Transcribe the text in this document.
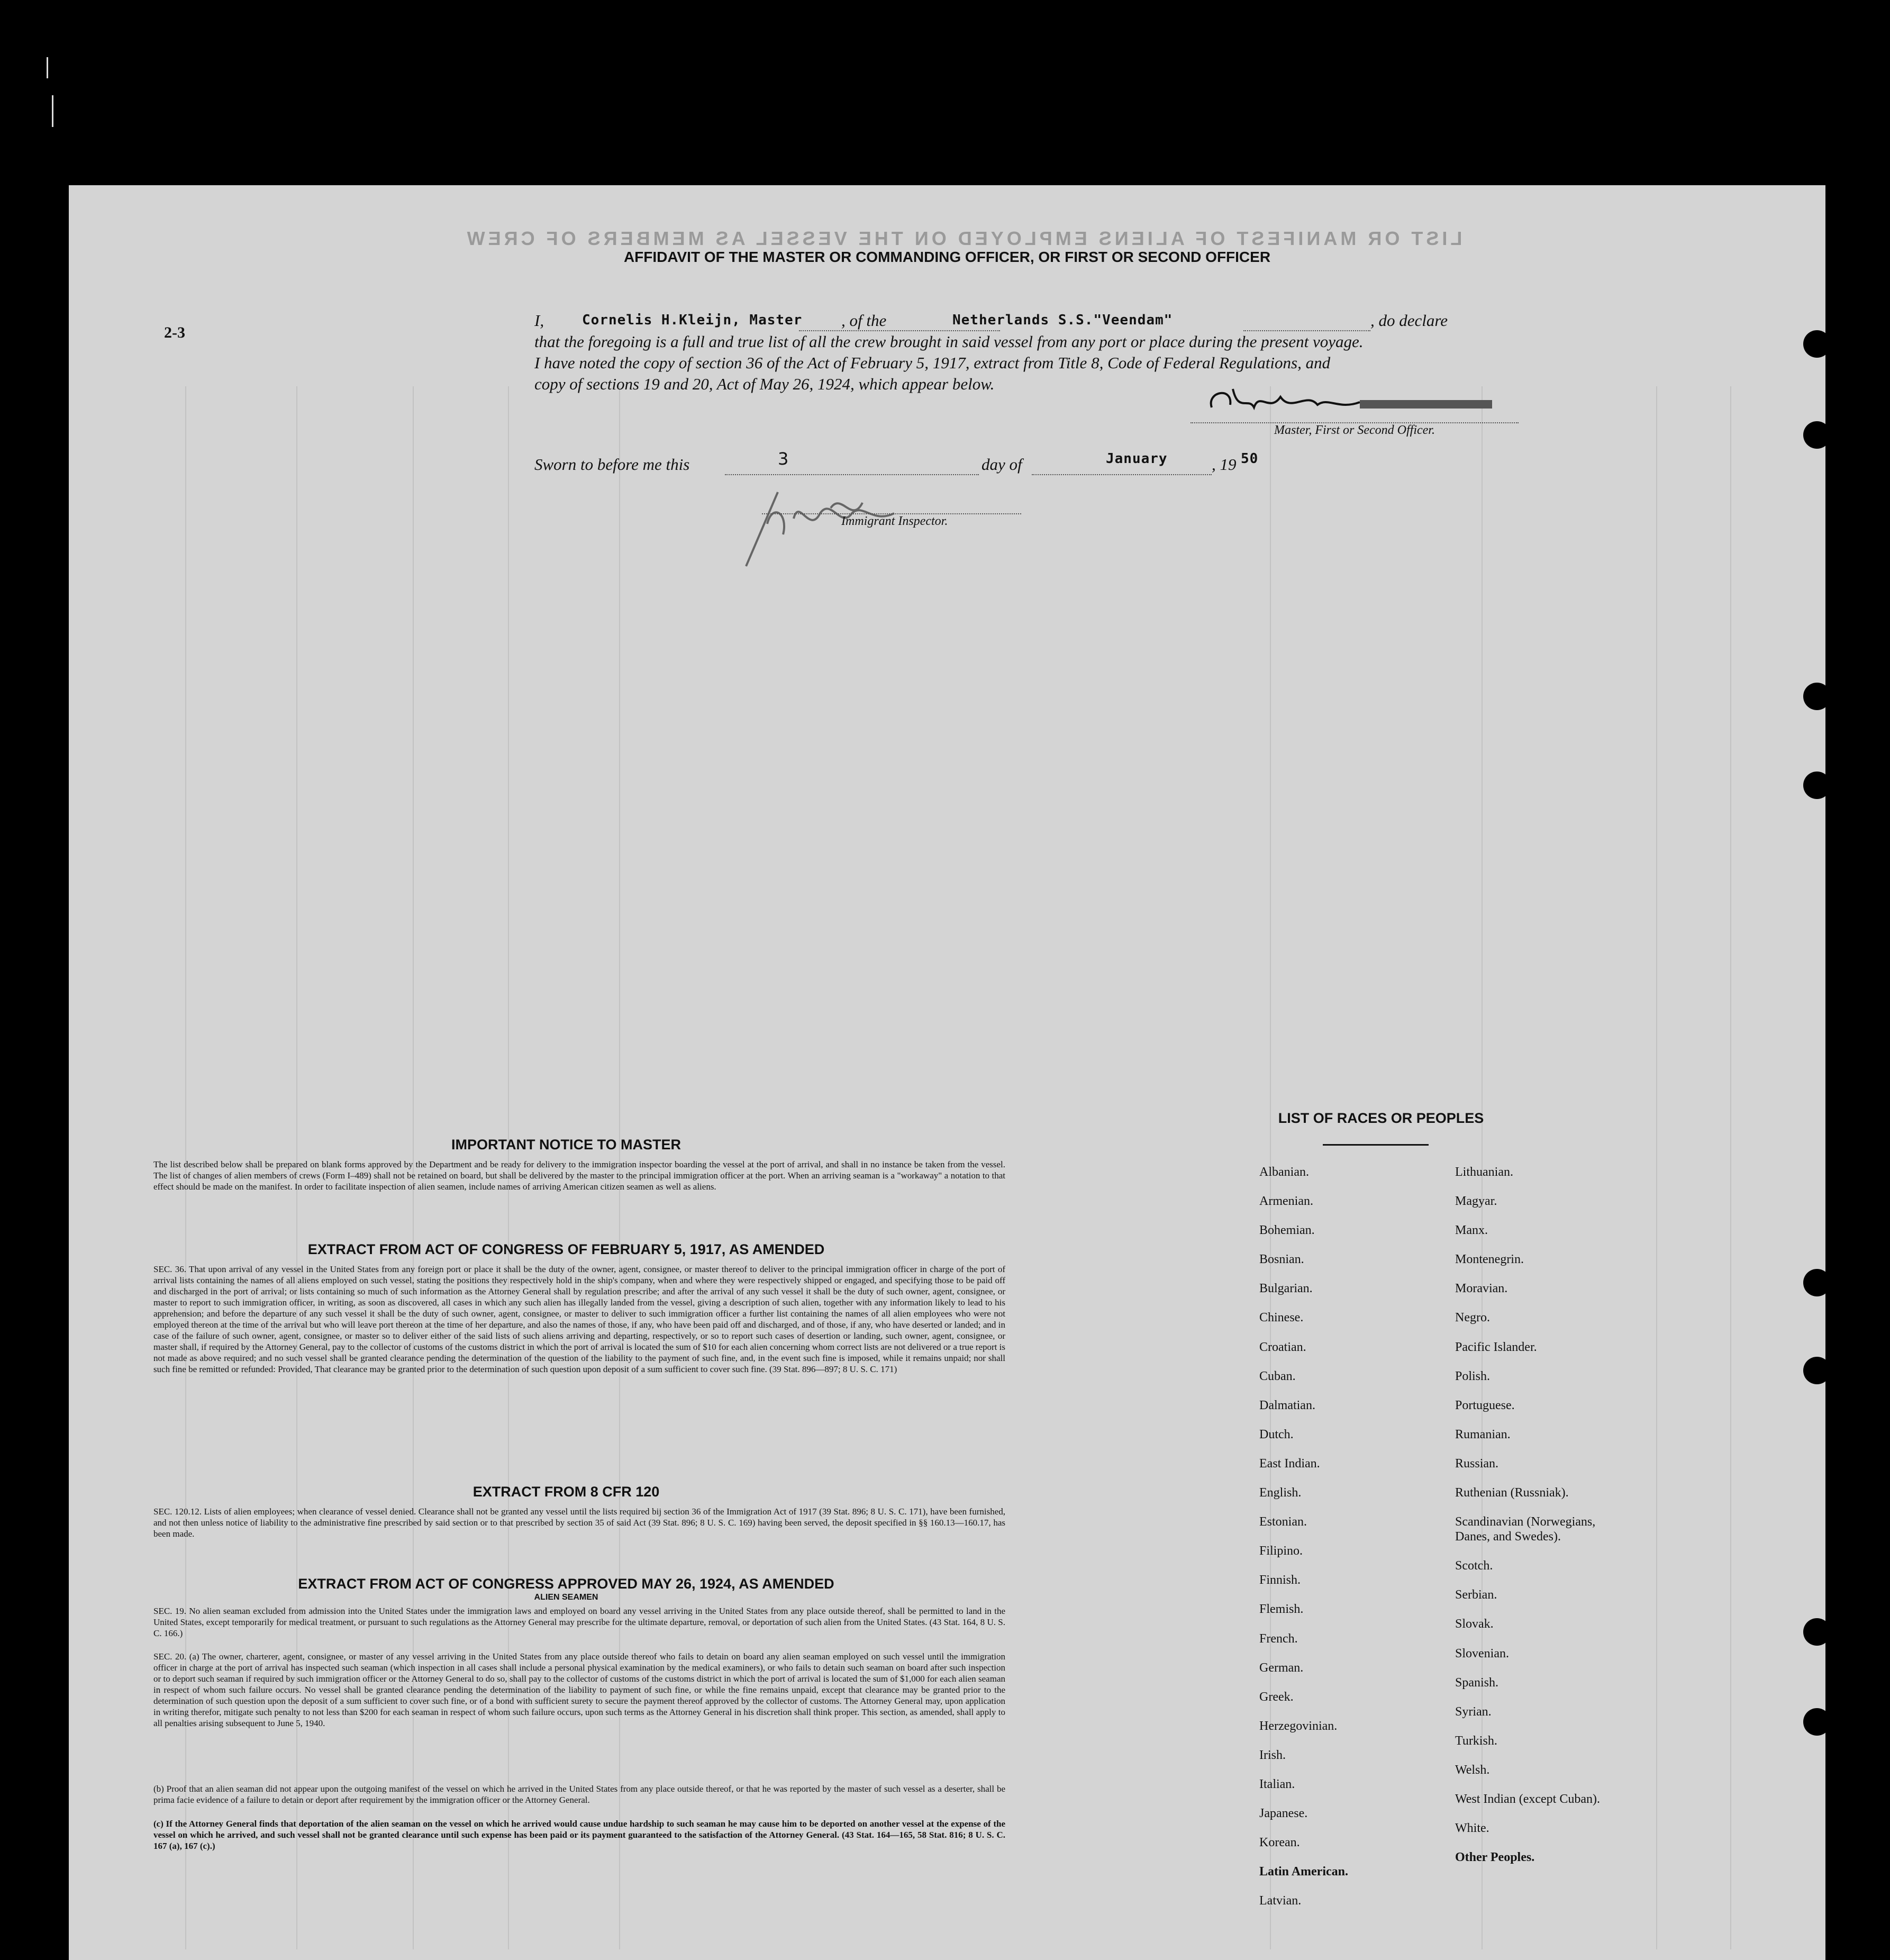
LIST OR MANIFEST OF ALIENS EMPLOYED ON THE VESSEL AS MEMBERS OF CREW
AFFIDAVIT OF THE MASTER OR COMMANDING OFFICER, OR FIRST OR SECOND OFFICER
2-3
I,	Cornelis H.Kleijn, Master , of the	Netherlands S.S."Veendam"	, do declare
that the foregoing is a full and true list of all the crew brought in said vessel from any port or place during the present voyage.
I have noted the copy of section 36 of the Act of February 5, 1917, extract from Title 8, Code of Federal Regulations, and
copy of sections 19 and 20, Act of May 26, 1924, which appear below.
Master, First or Second Officer.
Sworn to before me this	3	day of	January	, 19 50
Immigrant Inspector.
IMPORTANT NOTICE TO MASTER
The list described below shall be prepared on blank forms approved by the Department and be ready for delivery to the immigration inspector boarding the vessel at the port of arrival, and shall in no instance be taken from the vessel. The list of changes of alien members of crews (Form I–489) shall not be retained on board, but shall be delivered by the master to the principal immigration officer at the port. When an arriving seaman is a "workaway" a notation to that effect should be made on the manifest. In order to facilitate inspection of alien seamen, include names of arriving American citizen seamen as well as aliens.
EXTRACT FROM ACT OF CONGRESS OF FEBRUARY 5, 1917, AS AMENDED
SEC. 36. That upon arrival of any vessel in the United States from any foreign port or place it shall be the duty of the owner, agent, consignee, or master thereof to deliver to the principal immigration officer in charge of the port of arrival lists containing the names of all aliens employed on such vessel, stating the positions they respectively hold in the ship's company, when and where they were respectively shipped or engaged, and specifying those to be paid off and discharged in the port of arrival; or lists containing so much of such information as the Attorney General shall by regulation prescribe; and after the arrival of any such vessel it shall be the duty of such owner, agent, consignee, or master to report to such immigration officer, in writing, as soon as discovered, all cases in which any such alien has illegally landed from the vessel, giving a description of such alien, together with any information likely to lead to his apprehension; and before the departure of any such vessel it shall be the duty of such owner, agent, consignee, or master to deliver to such immigration officer a further list containing the names of all alien employees who were not employed thereon at the time of the arrival but who will leave port thereon at the time of her departure, and also the names of those, if any, who have been paid off and discharged, and of those, if any, who have deserted or landed; and in case of the failure of such owner, agent, consignee, or master so to deliver either of the said lists of such aliens arriving and departing, respectively, or so to report such cases of desertion or landing, such owner, agent, consignee, or master shall, if required by the Attorney General, pay to the collector of customs of the customs district in which the port of arrival is located the sum of $10 for each alien concerning whom correct lists are not delivered or a true report is not made as above required; and no such vessel shall be granted clearance pending the determination of the question of the liability to the payment of such fine, and, in the event such fine is imposed, while it remains unpaid; nor shall such fine be remitted or refunded: Provided, That clearance may be granted prior to the determination of such question upon deposit of a sum sufficient to cover such fine. (39 Stat. 896—897; 8 U. S. C. 171)
EXTRACT FROM 8 CFR 120
SEC. 120.12. Lists of alien employees; when clearance of vessel denied. Clearance shall not be granted any vessel until the lists required bij section 36 of the Immigration Act of 1917 (39 Stat. 896; 8 U. S. C. 171), have been furnished, and not then unless notice of liability to the administrative fine prescribed by said section or to that prescribed by section 35 of said Act (39 Stat. 896; 8 U. S. C. 169) having been served, the deposit specified in §§ 160.13—160.17, has been made.
EXTRACT FROM ACT OF CONGRESS APPROVED MAY 26, 1924, AS AMENDED
ALIEN SEAMEN
SEC. 19. No alien seaman excluded from admission into the United States under the immigration laws and employed on board any vessel arriving in the United States from any place outside thereof, shall be permitted to land in the United States, except temporarily for medical treatment, or pursuant to such regulations as the Attorney General may prescribe for the ultimate departure, removal, or deportation of such alien from the United States. (43 Stat. 164, 8 U. S. C. 166.)
SEC. 20. (a) The owner, charterer, agent, consignee, or master of any vessel arriving in the United States from any place outside thereof who fails to detain on board any alien seaman employed on such vessel until the immigration officer in charge at the port of arrival has inspected such seaman (which inspection in all cases shall include a personal physical examination by the medical examiners), or who fails to detain such seaman on board after such inspection or to deport such seaman if required by such immigration officer or the Attorney General to do so, shall pay to the collector of customs of the customs district in which the port of arrival is located the sum of $1,000 for each alien seaman in respect of whom such failure occurs. No vessel shall be granted clearance pending the determination of the liability to payment of such fine, or while the fine remains unpaid, except that clearance may be granted prior to the determination of such question upon the deposit of a sum sufficient to cover such fine, or of a bond with sufficient surety to secure the payment thereof approved by the collector of customs. The Attorney General may, upon application in writing therefor, mitigate such penalty to not less than $200 for each seaman in respect of whom such failure occurs, upon such terms as the Attorney General in his discretion shall think proper. This section, as amended, shall apply to all penalties arising subsequent to June 5, 1940.
(b) Proof that an alien seaman did not appear upon the outgoing manifest of the vessel on which he arrived in the United States from any place outside thereof, or that he was reported by the master of such vessel as a deserter, shall be prima facie evidence of a failure to detain or deport after requirement by the immigration officer or the Attorney General.
(c) If the Attorney General finds that deportation of the alien seaman on the vessel on which he arrived would cause undue hardship to such seaman he may cause him to be deported on another vessel at the expense of the vessel on which he arrived, and such vessel shall not be granted clearance until such expense has been paid or its payment guaranteed to the satisfaction of the Attorney General. (43 Stat. 164—165, 58 Stat. 816; 8 U. S. C. 167 (a), 167 (c).)
LIST OF RACES OR PEOPLES
Albanian.
Armenian.
Bohemian.
Bosnian.
Bulgarian.
Chinese.
Croatian.
Cuban.
Dalmatian.
Dutch.
East Indian.
English.
Estonian.
Filipino.
Finnish.
Flemish.
French.
German.
Greek.
Herzegovinian.
Irish.
Italian.
Japanese.
Korean.
Latin American.
Latvian.
Lithuanian.
Magyar.
Manx.
Montenegrin.
Moravian.
Negro.
Pacific Islander.
Polish.
Portuguese.
Rumanian.
Russian.
Ruthenian (Russniak).
Scandinavian (Norwegians,
Danes, and Swedes).
Scotch.
Serbian.
Slovak.
Slovenian.
Spanish.
Syrian.
Turkish.
Welsh.
West Indian (except Cuban).
White.
Other Peoples.
